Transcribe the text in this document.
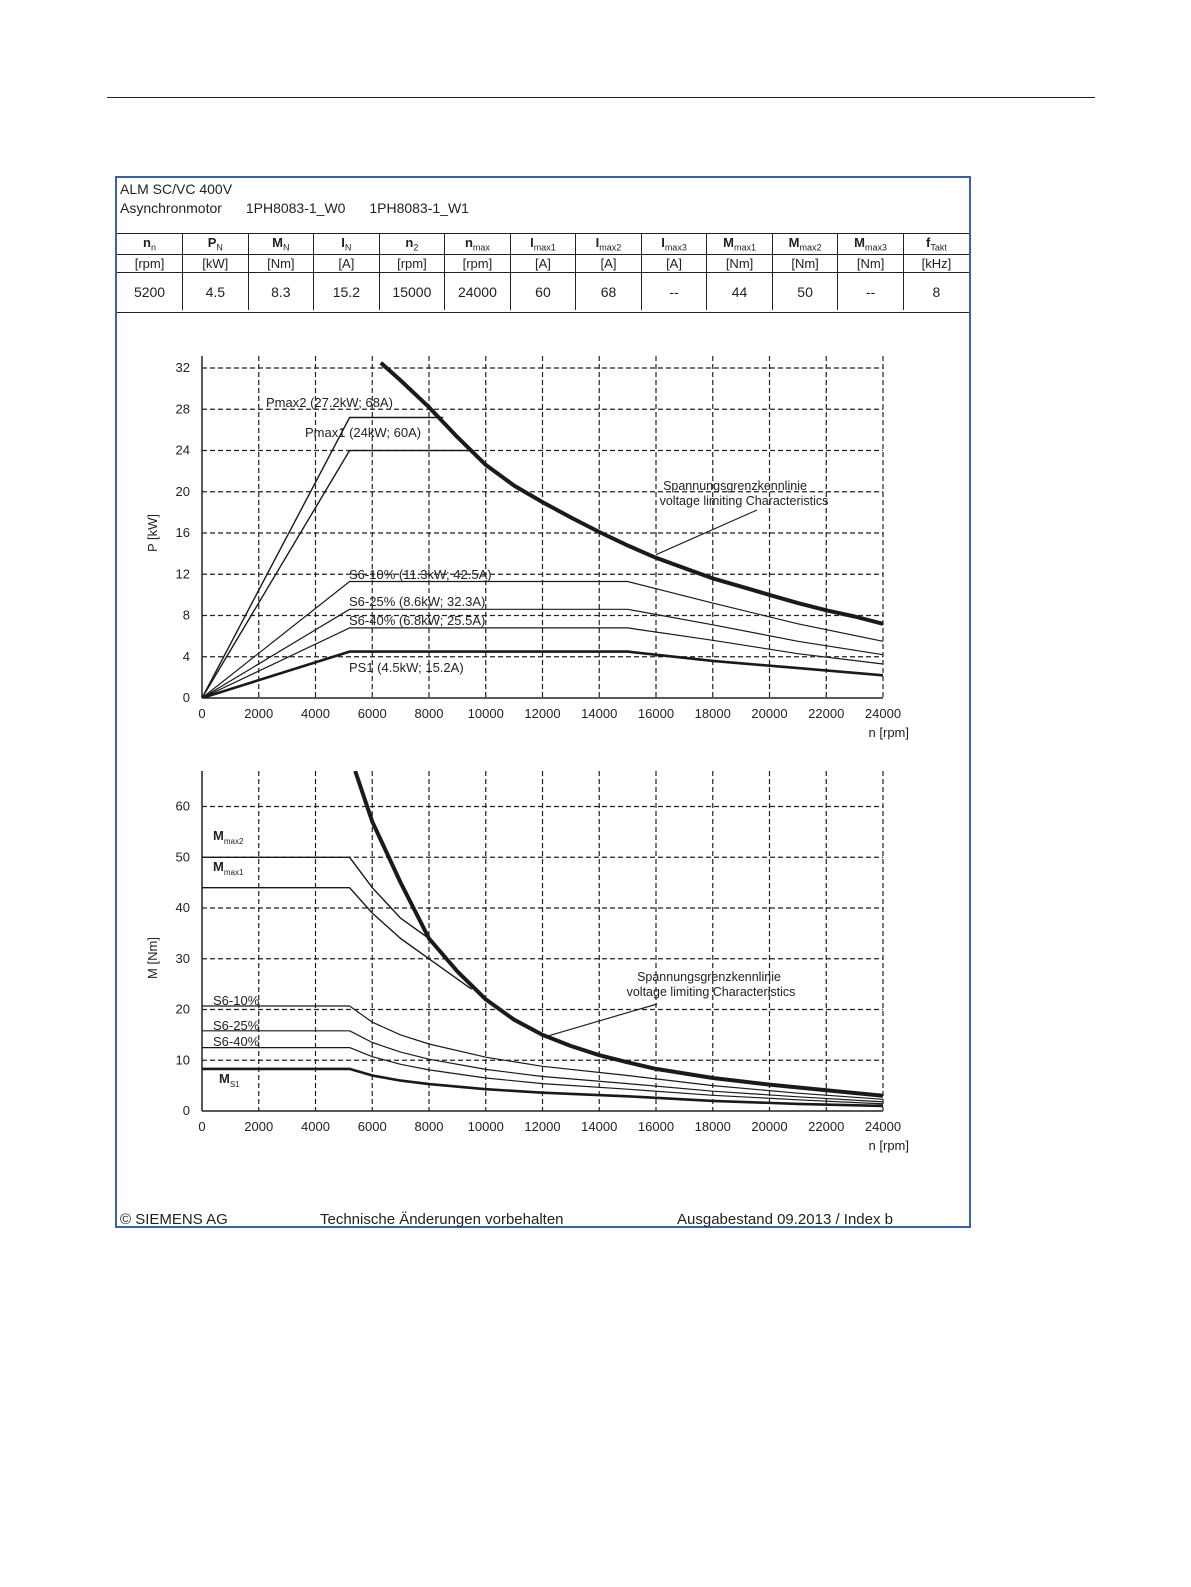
ALM SC/VC 400V
Asynchronmotor 1PH8083-1_W0 1PH8083-1_W1
$n_n$	$P_N$	$M_N$	$I_N$	$n_2$	$n_{max}$	$I_{max1}$	$I_{max2}$	$I_{max3}$	$M_{max1}$	$M_{max2}$	$M_{max3}$	$f_{Takt}$
[rpm]	[kW]	[Nm]	[A]	[rpm]	[rpm]	[A]	[A]	[A]	[Nm]	[Nm]	[Nm]	[kHz]
5200	4.5	8.3	15.2	15000	24000	60	68	--	44	50	--	8
0	2000 4000 6000 8000 10000 12000 14000 16000 18000 20000 22000 24000
0
4
8
12
16
20
24
28
32
n [rpm]
P [kW]
Pmax2 (27.2kW; 68A)
Pmax1 (24kW; 60A)
S6-10% (11.3kW; 42.5A)
S6-25% (8.6kW; 32.3A)
S6-40% (6.8kW; 25.5A)
PS1 (4.5kW; 15.2A)
Spannungsgrenzkennlinie
voltage limiting Characteristics
0	2000 4000 6000 8000 10000 12000 14000 16000 18000 20000 22000 24000
0
10
20
30
40
50
60
n [rpm]
M [Nm]
$M_{max2}$
$M_{max1}$
S6-10%
S6-25%
S6-40%
$M_{S1}$
Spannungsgrenzkennlinie
voltage limiting Characteristics
© SIEMENS AG	Technische Änderungen vorbehalten	Ausgabestand 09.2013 / Index b
